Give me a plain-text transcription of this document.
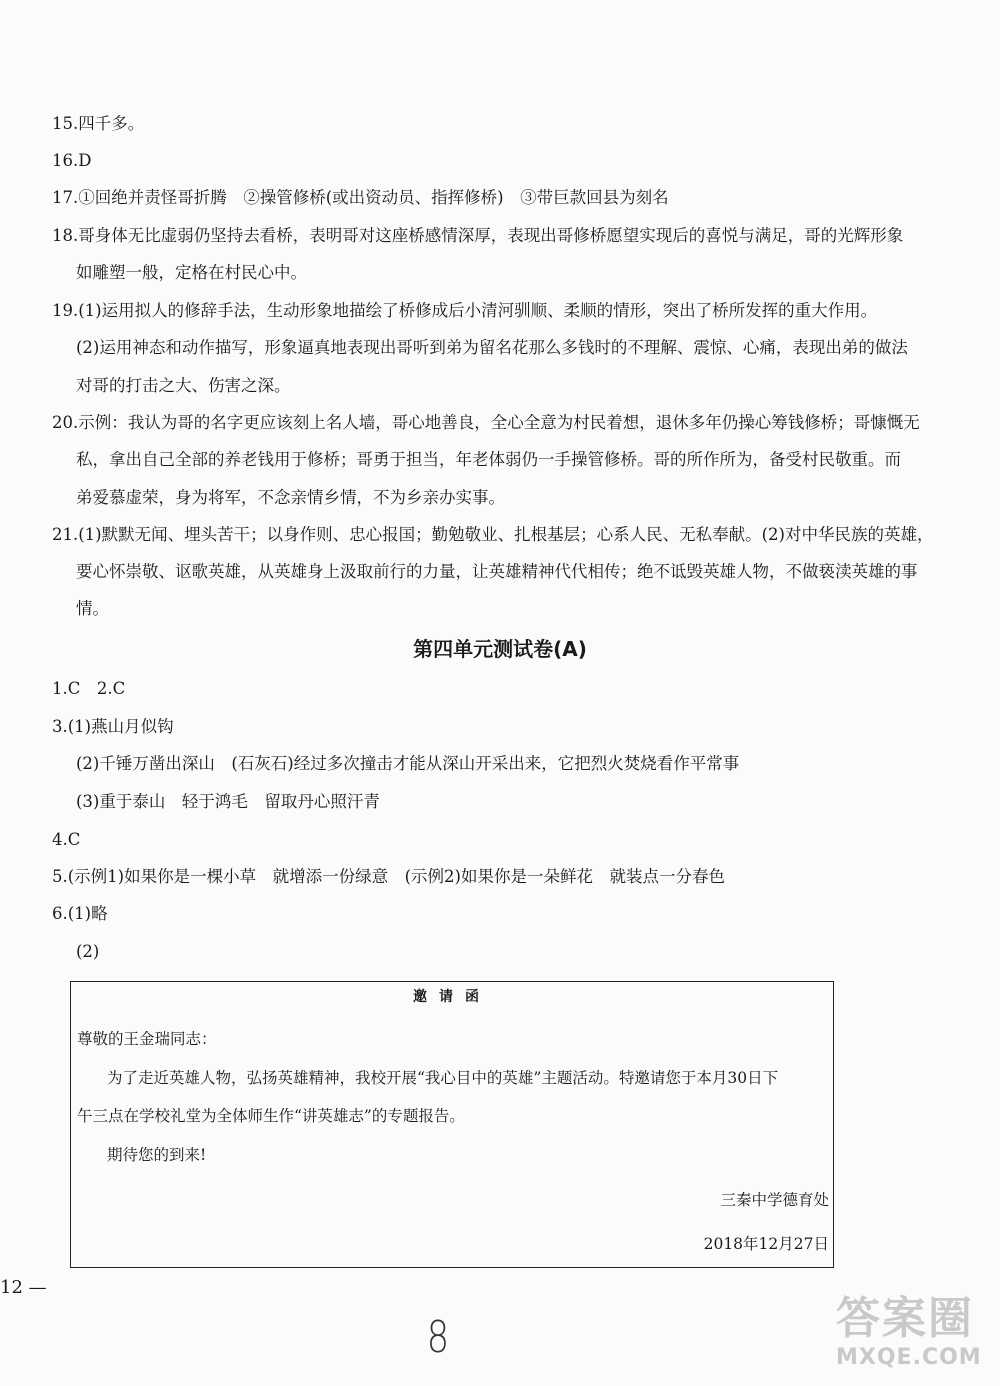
15.四千多。
16.D
17.①回绝并责怪哥折腾　②操管修桥(或出资动员、指挥修桥)　③带巨款回县为刻名
18.哥身体无比虚弱仍坚持去看桥，表明哥对这座桥感情深厚，表现出哥修桥愿望实现后的喜悦与满足，哥的光辉形象
如雕塑一般，定格在村民心中。
19.(1)运用拟人的修辞手法，生动形象地描绘了桥修成后小清河驯顺、柔顺的情形，突出了桥所发挥的重大作用。
(2)运用神态和动作描写，形象逼真地表现出哥听到弟为留名花那么多钱时的不理解、震惊、心痛，表现出弟的做法
对哥的打击之大、伤害之深。
20.示例：我认为哥的名字更应该刻上名人墙，哥心地善良，全心全意为村民着想，退休多年仍操心筹钱修桥；哥慷慨无
私，拿出自己全部的养老钱用于修桥；哥勇于担当，年老体弱仍一手操管修桥。哥的所作所为，备受村民敬重。而
弟爱慕虚荣，身为将军，不念亲情乡情，不为乡亲办实事。
21.(1)默默无闻、埋头苦干；以身作则、忠心报国；勤勉敬业、扎根基层；心系人民、无私奉献。(2)对中华民族的英雄，
要心怀崇敬、讴歌英雄，从英雄身上汲取前行的力量，让英雄精神代代相传；绝不诋毁英雄人物，不做亵渎英雄的事
情。
第四单元测试卷(A)
1.C　2.C
3.(1)燕山月似钩
(2)千锤万凿出深山　(石灰石)经过多次撞击才能从深山开采出来，它把烈火焚烧看作平常事
(3)重于泰山　轻于鸿毛　留取丹心照汗青
4.C
5.(示例1)如果你是一棵小草　就增添一份绿意　(示例2)如果你是一朵鲜花　就装点一分春色
6.(1)略
(2)
邀请函
尊敬的王金瑞同志：
为了走近英雄人物，弘扬英雄精神，我校开展“我心目中的英雄”主题活动。特邀请您于本月30日下
午三点在学校礼堂为全体师生作“讲英雄志”的专题报告。
期待您的到来!
三秦中学德育处
2018年12月27日
12 —
8	答案圈
MXQE.COM
